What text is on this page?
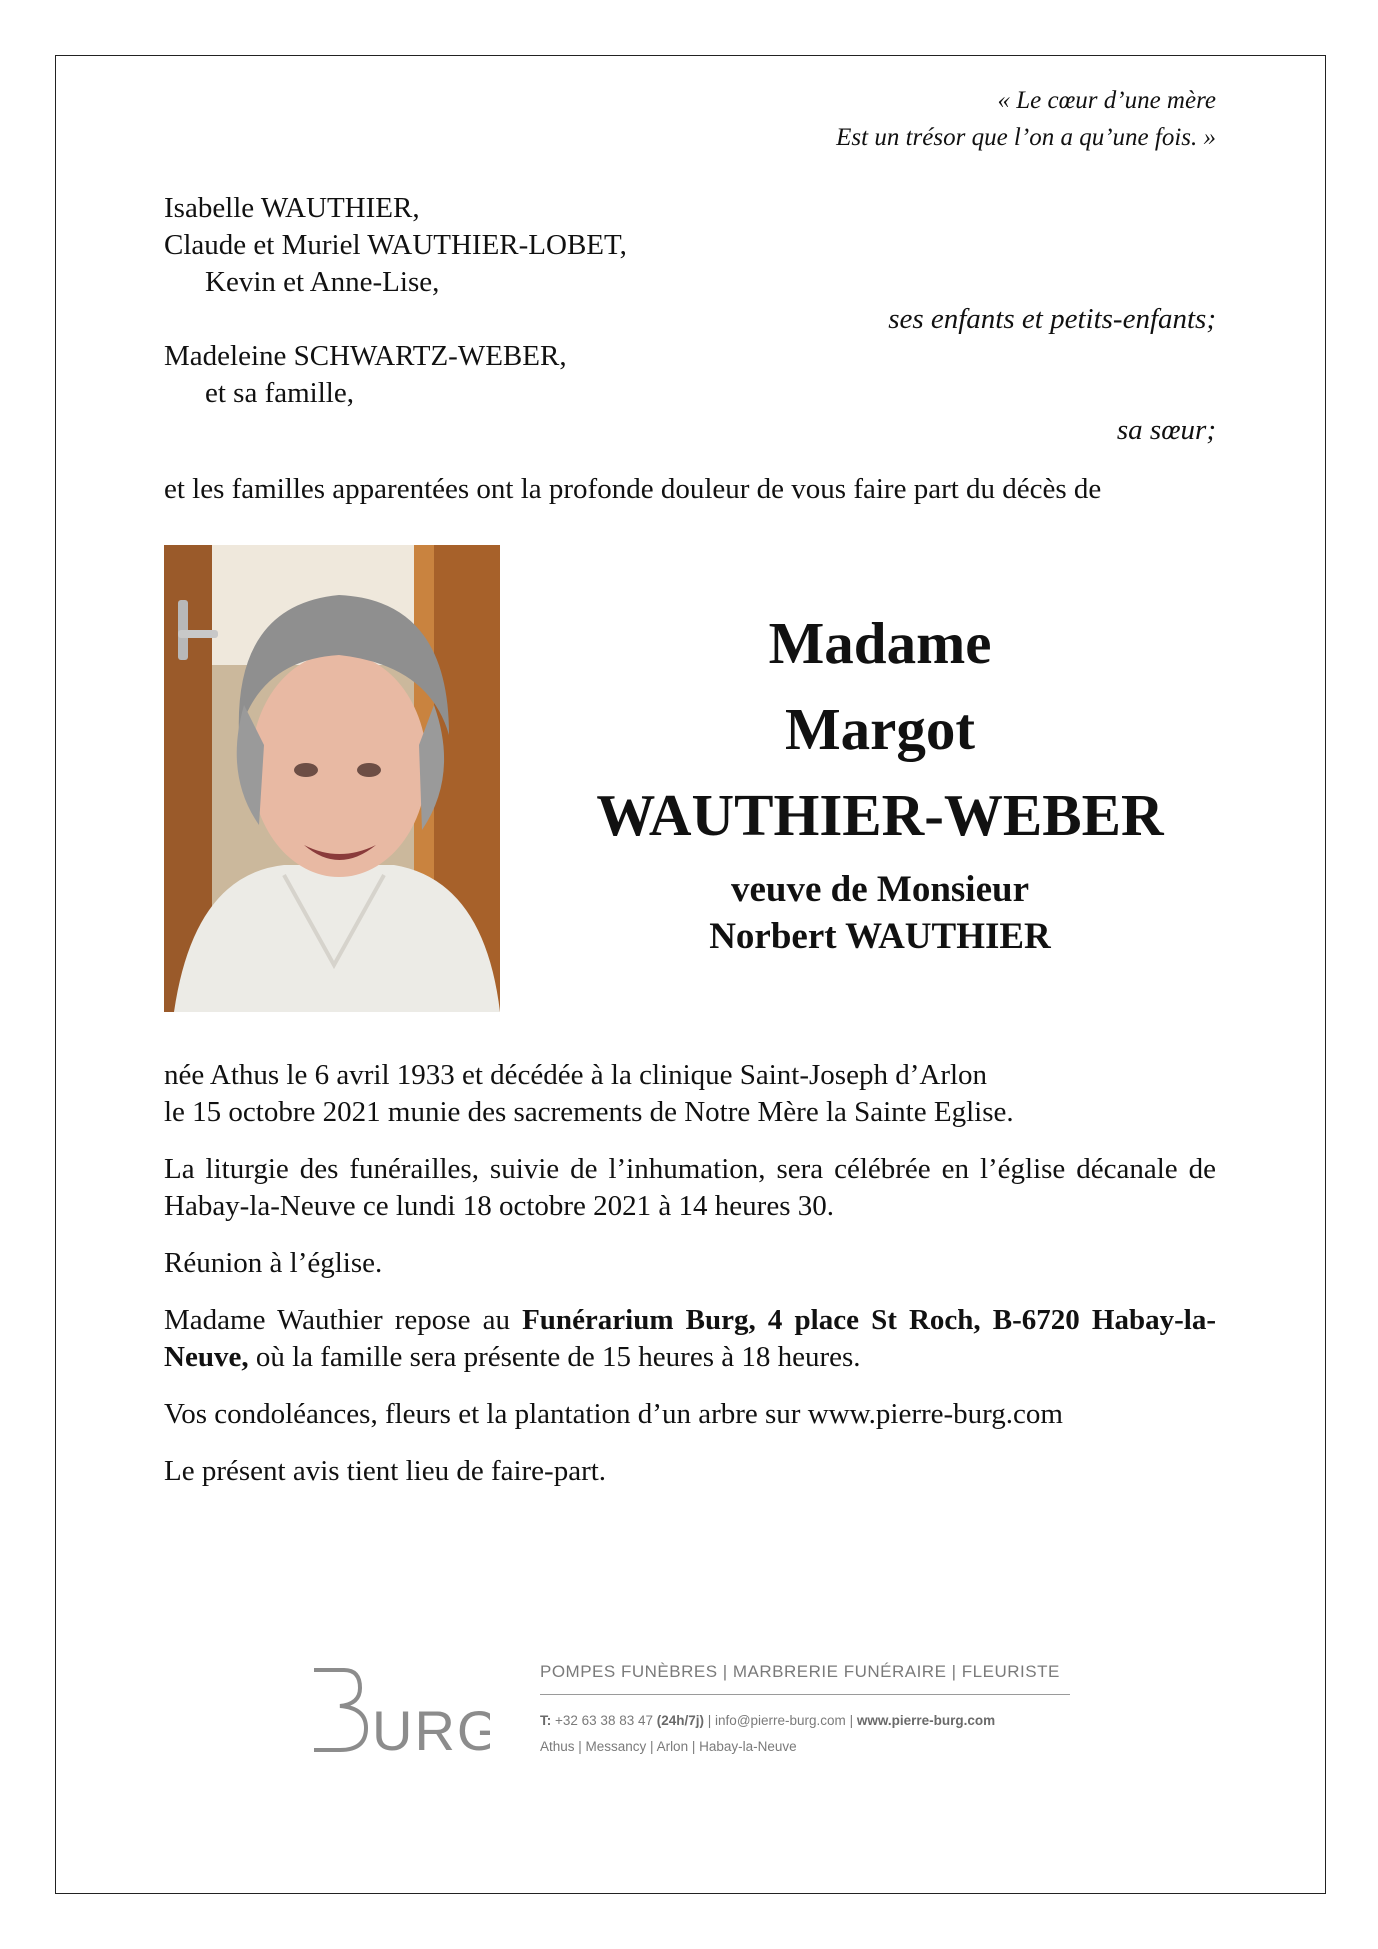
« Le cœur d’une mère
Est un trésor que l’on a qu’une fois. »
Isabelle WAUTHIER,
Claude et Muriel WAUTHIER-LOBET,
Kevin et Anne-Lise,
ses enfants et petits-enfants;
Madeleine SCHWARTZ-WEBER,
et sa famille,
sa sœur;
et les familles apparentées ont la profonde douleur de vous faire part du décès de
Madame
Margot
WAUTHIER-WEBER
veuve de Monsieur
Norbert WAUTHIER

née Athus le 6 avril 1933 et décédée à la clinique Saint-Joseph d’Arlon
le 15 octobre 2021 munie des sacrements de Notre Mère la Sainte Eglise.

La liturgie des funérailles, suivie de l’inhumation, sera célébrée en l’église décanale de Habay-la-Neuve ce lundi 18 octobre 2021 à 14 heures 30.

Réunion à l’église.

Madame Wauthier repose au Funérarium Burg, 4 place St Roch, B-6720 Habay-la-Neuve, où la famille sera présente de 15 heures à 18 heures.

Vos condoléances, fleurs et la plantation d’un arbre sur www.pierre-burg.com

Le présent avis tient lieu de faire-part.

URG
POMPES FUNÈBRES | MARBRERIE FUNÉRAIRE | FLEURISTE
T: +32 63 38 83 47 (24h/7j) | info@pierre-burg.com | www.pierre-burg.com
Athus | Messancy | Arlon | Habay-la-Neuve
